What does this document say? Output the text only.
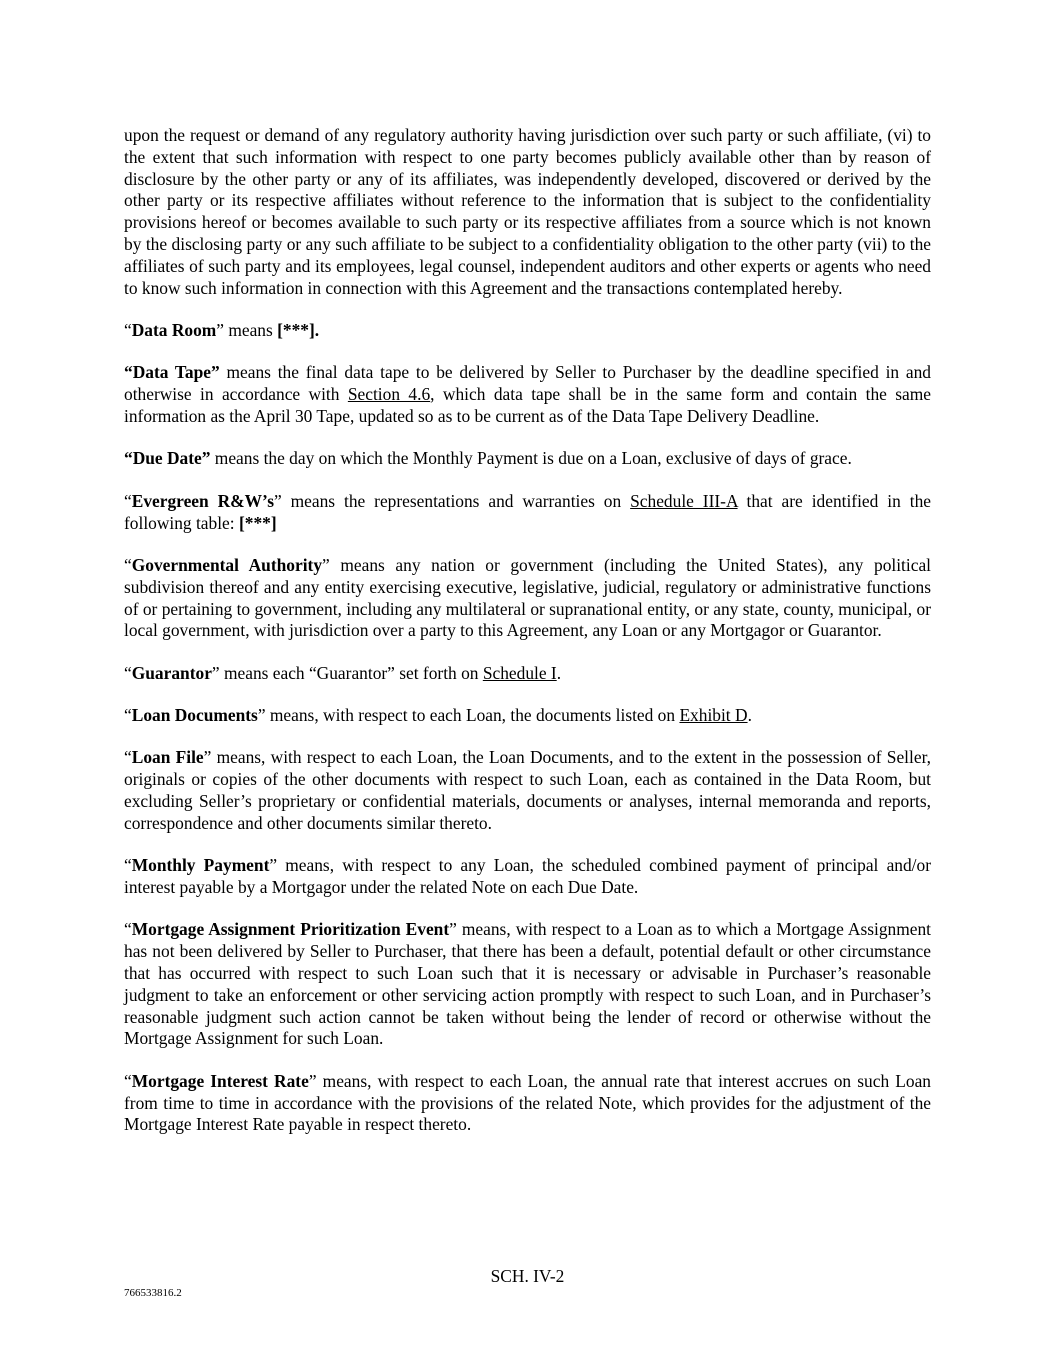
upon the request or demand of any regulatory authority having jurisdiction over such party or such affiliate, (vi) to the extent that such information with respect to one party becomes publicly available other than by reason of disclosure by the other party or any of its affiliates, was independently developed, discovered or derived by the other party or its respective affiliates without reference to the information that is subject to the confidentiality provisions hereof or becomes available to such party or its respective affiliates from a source which is not known by the disclosing party or any such affiliate to be subject to a confidentiality obligation to the other party (vii) to the affiliates of such party and its employees, legal counsel, independent auditors and other experts or agents who need to know such information in connection with this Agreement and the transactions contemplated hereby.

“Data Room” means [***].

“Data Tape” means the final data tape to be delivered by Seller to Purchaser by the deadline specified in and otherwise in accordance with Section 4.6, which data tape shall be in the same form and contain the same information as the April 30 Tape, updated so as to be current as of the Data Tape Delivery Deadline.

“Due Date” means the day on which the Monthly Payment is due on a Loan, exclusive of days of grace.

“Evergreen R&W’s” means the representations and warranties on Schedule III-A that are identified in the following table: [***]

“Governmental Authority” means any nation or government (including the United States), any political subdivision thereof and any entity exercising executive, legislative, judicial, regulatory or administrative functions of or pertaining to government, including any multilateral or supranational entity, or any state, county, municipal, or local government, with jurisdiction over a party to this Agreement, any Loan or any Mortgagor or Guarantor.

“Guarantor” means each “Guarantor” set forth on Schedule I.

“Loan Documents” means, with respect to each Loan, the documents listed on Exhibit D.

“Loan File” means, with respect to each Loan, the Loan Documents, and to the extent in the possession of Seller, originals or copies of the other documents with respect to such Loan, each as contained in the Data Room, but excluding Seller’s proprietary or confidential materials, documents or analyses, internal memoranda and reports, correspondence and other documents similar thereto.

“Monthly Payment” means, with respect to any Loan, the scheduled combined payment of principal and/or interest payable by a Mortgagor under the related Note on each Due Date.

“Mortgage Assignment Prioritization Event” means, with respect to a Loan as to which a Mortgage Assignment has not been delivered by Seller to Purchaser, that there has been a default, potential default or other circumstance that has occurred with respect to such Loan such that it is necessary or advisable in Purchaser’s reasonable judgment to take an enforcement or other servicing action promptly with respect to such Loan, and in Purchaser’s reasonable judgment such action cannot be taken without being the lender of record or otherwise without the Mortgage Assignment for such Loan.

“Mortgage Interest Rate” means, with respect to each Loan, the annual rate that interest accrues on such Loan from time to time in accordance with the provisions of the related Note, which provides for the adjustment of the Mortgage Interest Rate payable in respect thereto.

SCH. IV-2
766533816.2
